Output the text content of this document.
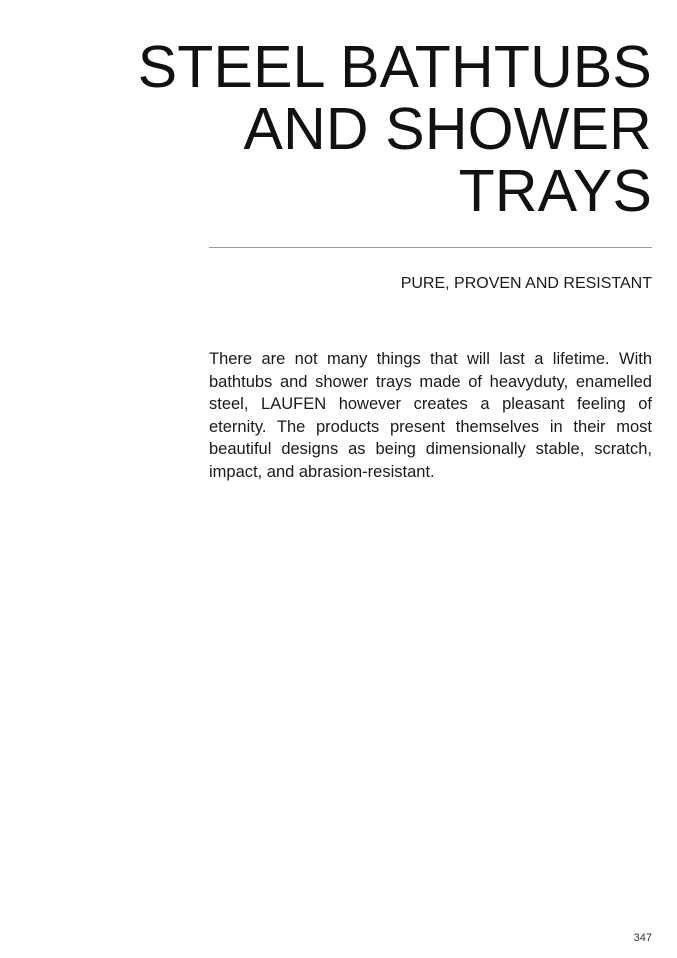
STEEL BATHTUBS
AND SHOWER
TRAYS

PURE, PROVEN AND RESISTANT

There are not many things that will last a lifetime. With bathtubs and shower trays made of heavyduty, enamelled steel, LAUFEN however creates a pleasant feeling of eternity. The products present themselves in their most beautiful designs as being dimensionally stable, scratch, impact, and abrasion-resistant.

347
